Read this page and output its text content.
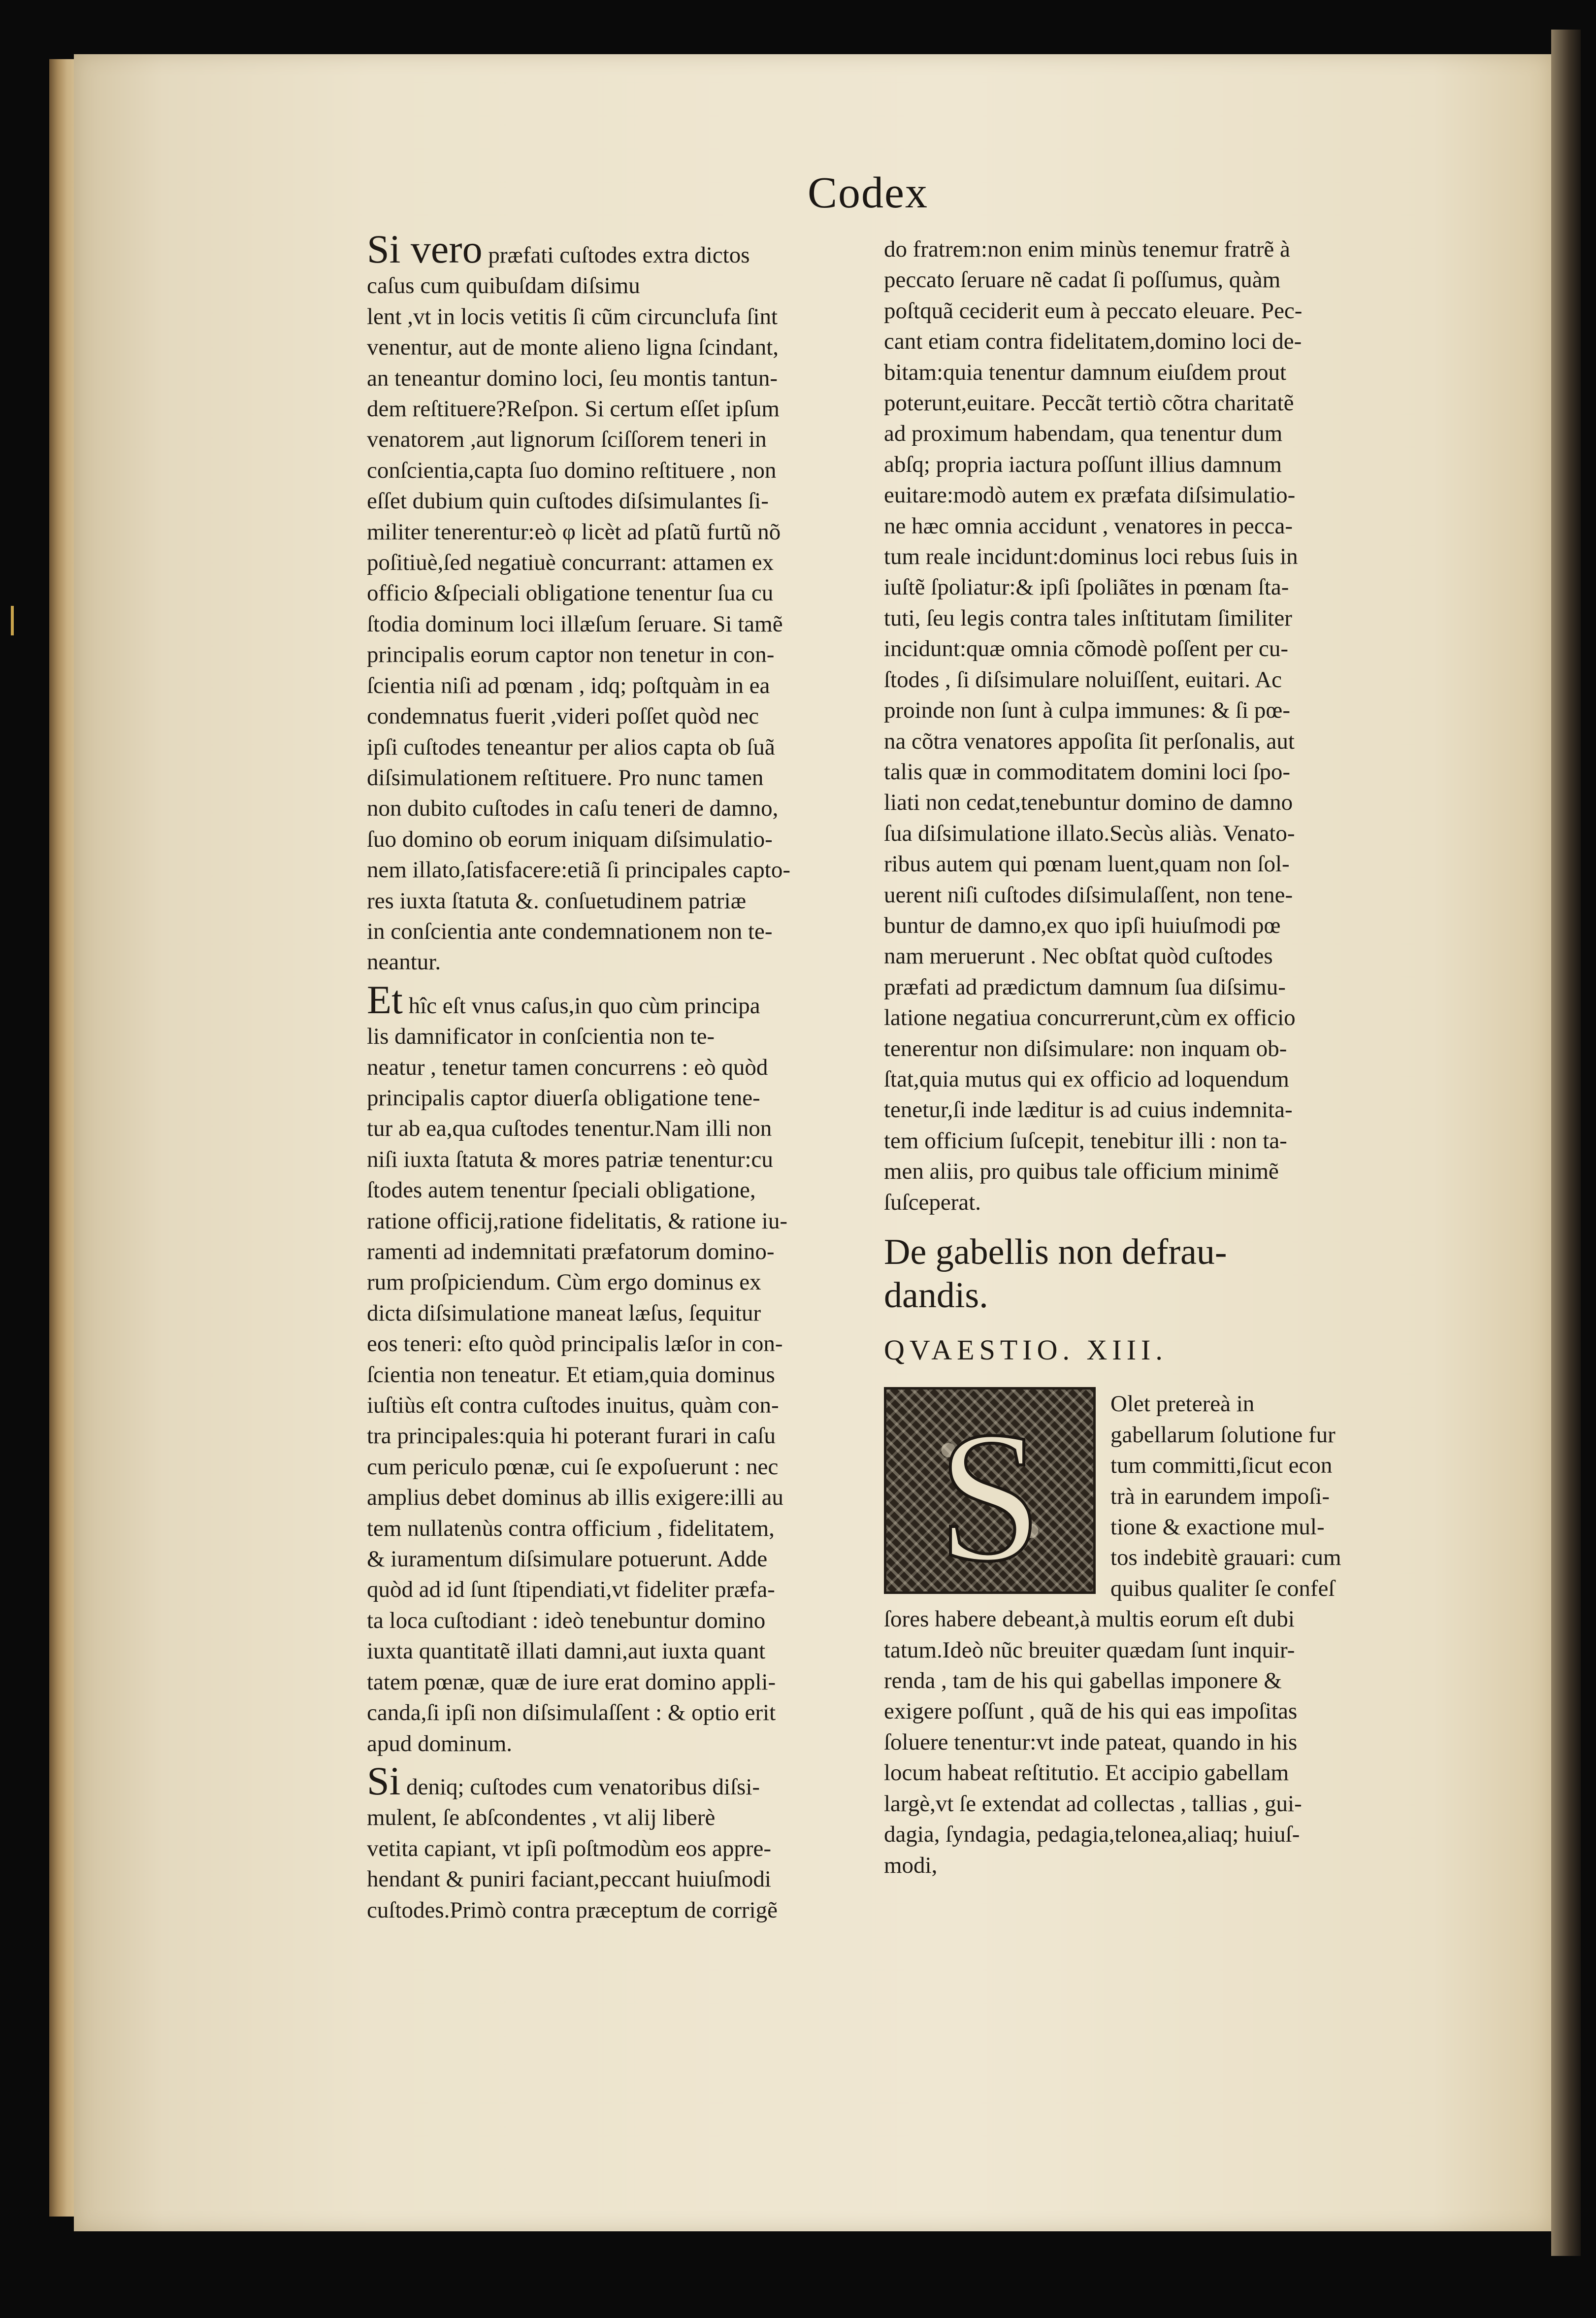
Codex

Si vero præfati cuſtodes extra dictos
caſus cum quibuſdam diſsimu
lent ,vt in locis vetitis ſi cũm circunclufa ſint
venentur, aut de monte alieno ligna ſcindant,
an teneantur domino loci, ſeu montis tantun-
dem reſtituere?Reſpon. Si certum eſſet ipſum
venatorem ,aut lignorum ſciſſorem teneri in
conſcientia,capta ſuo domino reſtituere , non
eſſet dubium quin cuſtodes diſsimulantes ſi-
militer tenerentur:eò φ licèt ad pſatũ furtũ nõ
poſitiuè,ſed negatiuè concurrant: attamen ex
officio &ſpeciali obligatione tenentur ſua cu
ſtodia dominum loci illæſum ſeruare. Si tamẽ
principalis eorum captor non tenetur in con-
ſcientia niſi ad pœnam , idq; poſtquàm in ea
condemnatus fuerit ,videri poſſet quòd nec
ipſi cuſtodes teneantur per alios capta ob ſuã
diſsimulationem reſtituere. Pro nunc tamen
non dubito cuſtodes in caſu teneri de damno,
ſuo domino ob eorum iniquam diſsimulatio-
nem illato,ſatisfacere:etiã ſi principales capto-
res iuxta ſtatuta &. conſuetudinem patriæ
in conſcientia ante condemnationem non te-
neantur.

Et hîc eſt vnus caſus,in quo cùm principa
lis damnificator in conſcientia non te-
neatur , tenetur tamen concurrens : eò quòd
principalis captor diuerſa obligatione tene-
tur ab ea,qua cuſtodes tenentur.Nam illi non
niſi iuxta ſtatuta & mores patriæ tenentur:cu
ſtodes autem tenentur ſpeciali obligatione,
ratione officij,ratione fidelitatis, & ratione iu-
ramenti ad indemnitati præfatorum domino-
rum proſpiciendum. Cùm ergo dominus ex
dicta diſsimulatione maneat læſus, ſequitur
eos teneri: eſto quòd principalis læſor in con-
ſcientia non teneatur. Et etiam,quia dominus
iuſtiùs eſt contra cuſtodes inuitus, quàm con-
tra principales:quia hi poterant furari in caſu
cum periculo pœnæ, cui ſe expoſuerunt : nec
amplius debet dominus ab illis exigere:illi au
tem nullatenùs contra officium , fidelitatem,
& iuramentum diſsimulare potuerunt. Adde
quòd ad id ſunt ſtipendiati,vt fideliter præfa-
ta loca cuſtodiant : ideò tenebuntur domino
iuxta quantitatẽ illati damni,aut iuxta quant
tatem pœnæ, quæ de iure erat domino appli-
canda,ſi ipſi non diſsimulaſſent : & optio erit
apud dominum.

Si deniq; cuſtodes cum venatoribus diſsi-
mulent, ſe abſcondentes , vt alij liberè
vetita capiant, vt ipſi poſtmodùm eos appre-
hendant & puniri faciant,peccant huiuſmodi
cuſtodes.Primò contra præceptum de corrigẽ

do fratrem:non enim minùs tenemur fratrẽ à
peccato ſeruare nẽ cadat ſi poſſumus, quàm
poſtquã ceciderit eum à peccato eleuare. Pec-
cant etiam contra fidelitatem,domino loci de-
bitam:quia tenentur damnum eiuſdem prout
poterunt,euitare. Peccãt tertiò cõtra charitatẽ
ad proximum habendam, qua tenentur dum
abſq; propria iactura poſſunt illius damnum
euitare:modò autem ex præfata diſsimulatio-
ne hæc omnia accidunt , venatores in pecca-
tum reale incidunt:dominus loci rebus ſuis in
iuſtẽ ſpoliatur:& ipſi ſpoliãtes in pœnam ſta-
tuti, ſeu legis contra tales inſtitutam ſimiliter
incidunt:quæ omnia cõmodè poſſent per cu-
ſtodes , ſi diſsimulare noluiſſent, euitari. Ac
proinde non ſunt à culpa immunes: & ſi pœ-
na cõtra venatores appoſita ſit perſonalis, aut
talis quæ in commoditatem domini loci ſpo-
liati non cedat,tenebuntur domino de damno
ſua diſsimulatione illato.Secùs aliàs. Venato-
ribus autem qui pœnam luent,quam non ſol-
uerent niſi cuſtodes diſsimulaſſent, non tene-
buntur de damno,ex quo ipſi huiuſmodi pœ
nam meruerunt . Nec obſtat quòd cuſtodes
præfati ad prædictum damnum ſua diſsimu-
latione negatiua concurrerunt,cùm ex officio
tenerentur non diſsimulare: non inquam ob-
ſtat,quia mutus qui ex officio ad loquendum
tenetur,ſi inde læditur is ad cuius indemnita-
tem officium ſuſcepit, tenebitur illi : non ta-
men aliis, pro quibus tale officium minimẽ
ſuſceperat.

De gabellis non defrau-
dandis.

QVAESTIO. XIII.

S	Olet pretereà in
gabellarum ſolutione fur
tum committi,ſicut econ
trà in earundem impoſi-
tione & exactione mul-
tos indebitè grauari: cum
quibus qualiter ſe confeſ

ſores habere debeant,à multis eorum eſt dubi
tatum.Ideò nũc breuiter quædam ſunt inquir-
renda , tam de his qui gabellas imponere &
exigere poſſunt , quã de his qui eas impoſitas
ſoluere tenentur:vt inde pateat, quando in his
locum habeat reſtitutio. Et accipio gabellam
largè,vt ſe extendat ad collectas , tallias , gui-
dagia, ſyndagia, pedagia,telonea,aliaq; huiuſ-
modi,
